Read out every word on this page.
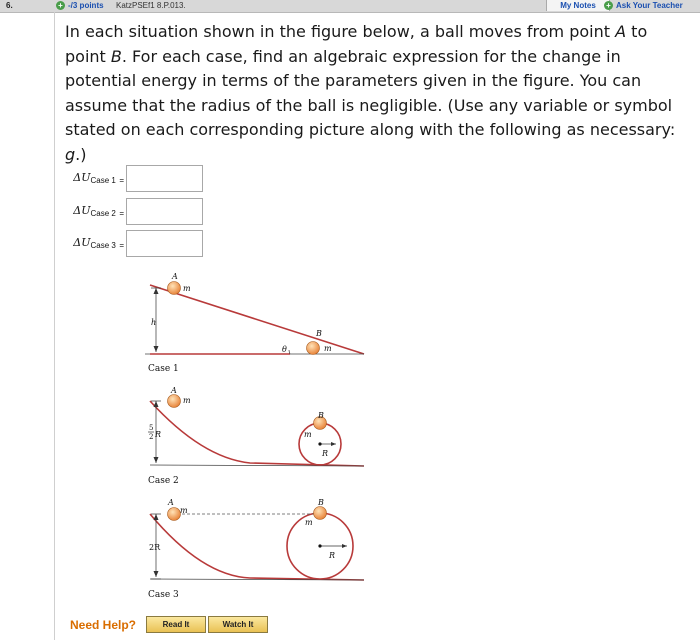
6.	+ -/3 points KatzPSEf1 8.P.013.	My Notes	+ Ask Your Teacher
In each situation shown in the figure below, a ball moves from point A to point B. For each case, find an algebraic expression for the change in potential energy in terms of the parameters given in the figure. You can assume that the radius of the ball is negligible. (Use any variable or symbol stated on each corresponding picture along with the following as necessary: g.)
ΔUCase 1 =
ΔUCase 2 =
ΔUCase 3 =
A
m
h
θ
B
m
Case 1
A
m
5
2 R
B
m
R
Case 2
A
m
2R
B
m
R
Case 3
Need Help?	Read It	Watch It
